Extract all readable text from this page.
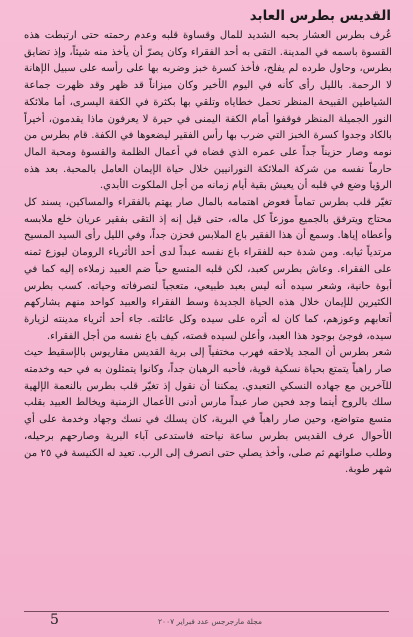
القديس بطرس العابد

عُرف بطرس العشار بحبه الشديد للمال وقساوة قلبه وعدم رحمته حتى ارتبطت هذه القسوة باسمه في المدينة. التقى به أحد الفقراء وكان يصرّ أن يأخذ منه شيئاً، وإذ تضايق بطرس، وحاول طرده لم يفلح، فأخذ كسرة خبز وضربه بها على رأسه على سبيل الإهانة لا الرحمة. بالليل رأى كأنه في اليوم الأخير وكان ميزاناً قد ظهر وقد ظهرت جماعة الشياطين القبيحة المنظر تحمل خطاياه وتلقي بها بكثرة في الكفة اليسرى، أما ملائكة النور الجميلة المنظر فوقفوا أمام الكفة اليمنى في حيرة لا يعرفون ماذا يقدمون، أخيراً بالكاد وجدوا كسرة الخبز التي ضرب بها رأس الفقير ليضعوها في الكفة. قام بطرس من نومه وصار حزيناً جداً على عمره الذي قضاه في أعمال الظلمة والقسوة ومحبة المال حارماً نفسه من شركة الملائكة النورانيين خلال حياة الإيمان العامل بالمحبة. بعد هذه الرؤيا وضع في قلبه أن يعيش بقية أيام زمانه من أجل الملكوت الأبدي.

تغيّر قلب بطرس تماماً فعوض اهتمامه بالمال صار يهتم بالفقراء والمساكين، يسند كل محتاج ويترفق بالجميع موزعاً كل ماله، حتى قيل إنه إذ التقى بفقير عريان خلع ملابسه وأعطاه إياها. وسمع أن هذا الفقير باع الملابس فحزن جداً، وفي الليل رأى السيد المسيح مرتدياً ثيابه. ومن شدة حبه للفقراء باع نفسه عبداً لدى أحد الأثرياء الرومان ليوزع ثمنه على الفقراء. وعاش بطرس كعبد، لكن قلبه المتسع حباً ضم العبيد زملاءه إليه كما في أبوة حانية، وشعر سيده أنه ليس بعبد طبيعي، متعجباً لتصرفاته وحياته. كسب بطرس الكثيرين للإيمان خلال هذه الحياة الجديدة وسط الفقراء والعبيد كواحد منهم يشاركهم أتعابهم وعوزهم، كما كان له أثره على سيده وكل عائلته. جاء أحد أثرياء مدينته لزيارة سيده، فوجئ بوجود هذا العبد، وأعلن لسيده قصته، كيف باع نفسه من أجل الفقراء.

شعر بطرس أن المجد يلاحقه فهرب مختفياً إلى برية القديس مقاريوس بالإسقيط حيث صار راهباً يتمتع بحياة نسكية قوية، فأحبه الرهبان جداً، وكانوا يتمثلون به في حبه وخدمته للآخرين مع جهاده النسكي التعبدي. يمكننا أن نقول إذ تغيّر قلب بطرس بالنعمة الإلهية سلك بالروح أينما وجد فحين صار عبداً مارس أدنى الأعمال الزمنية ويخالط العبيد بقلب متسع متواضع، وحين صار راهباً في البرية، كان يسلك في نسك وجهاد وخدمة على أي الأحوال عرف القديس بطرس ساعة نياحته فاستدعى آباء البرية وصارحهم برحيله، وطلب صلواتهم ثم صلى، وأخذ يصلي حتى انصرف إلى الرب. تعيد له الكنيسة في ٢٥ من شهر طوبة.

5	مجلة مارجرجس عدد فبراير ٢٠٠٧
